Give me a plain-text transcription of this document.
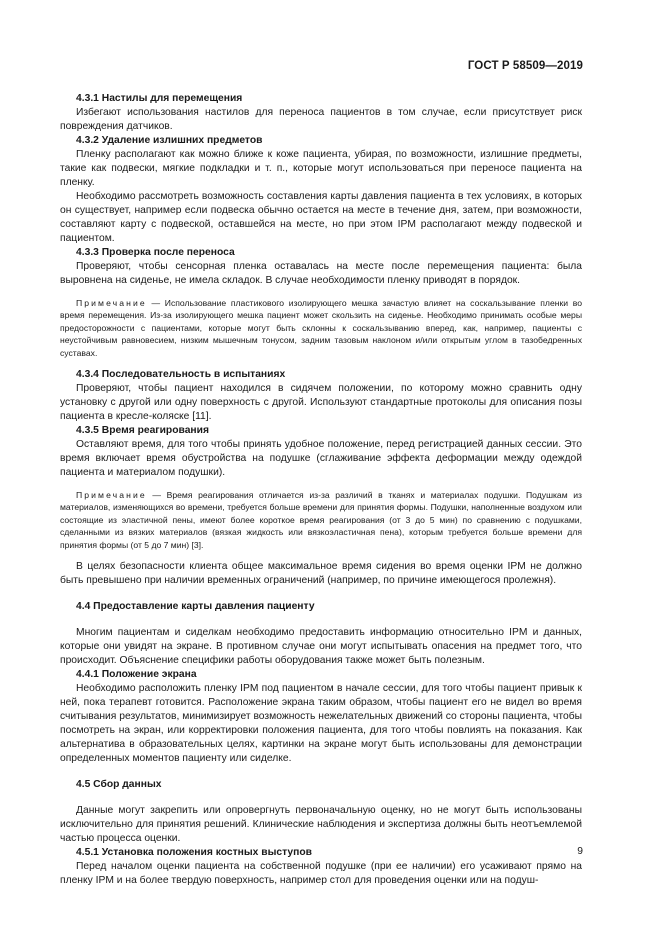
ГОСТ Р 58509—2019
4.3.1 Настилы для перемещения

Избегают использования настилов для переноса пациентов в том случае, если присутствует риск повреждения датчиков.

4.3.2 Удаление излишних предметов

Пленку располагают как можно ближе к коже пациента, убирая, по возможности, излишние предметы, такие как подвески, мягкие подкладки и т. п., которые могут использоваться при переносе пациента на пленку.

Необходимо рассмотреть возможность составления карты давления пациента в тех условиях, в которых он существует, например если подвеска обычно остается на месте в течение дня, затем, при возможности, составляют карту с подвеской, оставшейся на месте, но при этом IPM располагают между подвеской и пациентом.

4.3.3 Проверка после переноса

Проверяют, чтобы сенсорная пленка оставалась на месте после перемещения пациента: была выровнена на сиденье, не имела складок. В случае необходимости пленку приводят в порядок.

Примечание — Использование пластикового изолирующего мешка зачастую влияет на соскальзывание пленки во время перемещения. Из-за изолирующего мешка пациент может скользить на сиденье. Необходимо принимать особые меры предосторожности с пациентами, которые могут быть склонны к соскальзыванию вперед, как, например, пациенты с неустойчивым равновесием, низким мышечным тонусом, задним тазовым наклоном и/или открытым углом в тазобедренных суставах.

4.3.4 Последовательность в испытаниях

Проверяют, чтобы пациент находился в сидячем положении, по которому можно сравнить одну установку с другой или одну поверхность с другой. Используют стандартные протоколы для описания позы пациента в кресле-коляске [11].

4.3.5 Время реагирования

Оставляют время, для того чтобы принять удобное положение, перед регистрацией данных сессии. Это время включает время обустройства на подушке (сглаживание эффекта деформации между одеждой пациента и материалом подушки).

Примечание — Время реагирования отличается из-за различий в тканях и материалах подушки. Подушкам из материалов, изменяющихся во времени, требуется больше времени для принятия формы. Подушки, наполненные воздухом или состоящие из эластичной пены, имеют более короткое время реагирования (от 3 до 5 мин) по сравнению с подушками, сделанными из вязких материалов (вязкая жидкость или вязкоэластичная пена), которым требуется больше времени для принятия формы (от 5 до 7 мин) [3].

В целях безопасности клиента общее максимальное время сидения во время оценки IPM не должно быть превышено при наличии временных ограничений (например, по причине имеющегося пролежня).

4.4 Предоставление карты давления пациенту

Многим пациентам и сиделкам необходимо предоставить информацию относительно IPM и данных, которые они увидят на экране. В противном случае они могут испытывать опасения на предмет того, что происходит. Объяснение специфики работы оборудования также может быть полезным.

4.4.1 Положение экрана

Необходимо расположить пленку IPM под пациентом в начале сессии, для того чтобы пациент привык к ней, пока терапевт готовится. Расположение экрана таким образом, чтобы пациент его не видел во время считывания результатов, минимизирует возможность нежелательных движений со стороны пациента, чтобы посмотреть на экран, или корректировки положения пациента, для того чтобы повлиять на показания. Как альтернатива в образовательных целях, картинки на экране могут быть использованы для демонстрации определенных моментов пациенту или сиделке.

4.5 Сбор данных

Данные могут закрепить или опровергнуть первоначальную оценку, но не могут быть использованы исключительно для принятия решений. Клинические наблюдения и экспертиза должны быть неотъемлемой частью процесса оценки.

4.5.1 Установка положения костных выступов

Перед началом оценки пациента на собственной подушке (при ее наличии) его усаживают прямо на пленку IPM и на более твердую поверхность, например стол для проведения оценки или на подуш-

9
